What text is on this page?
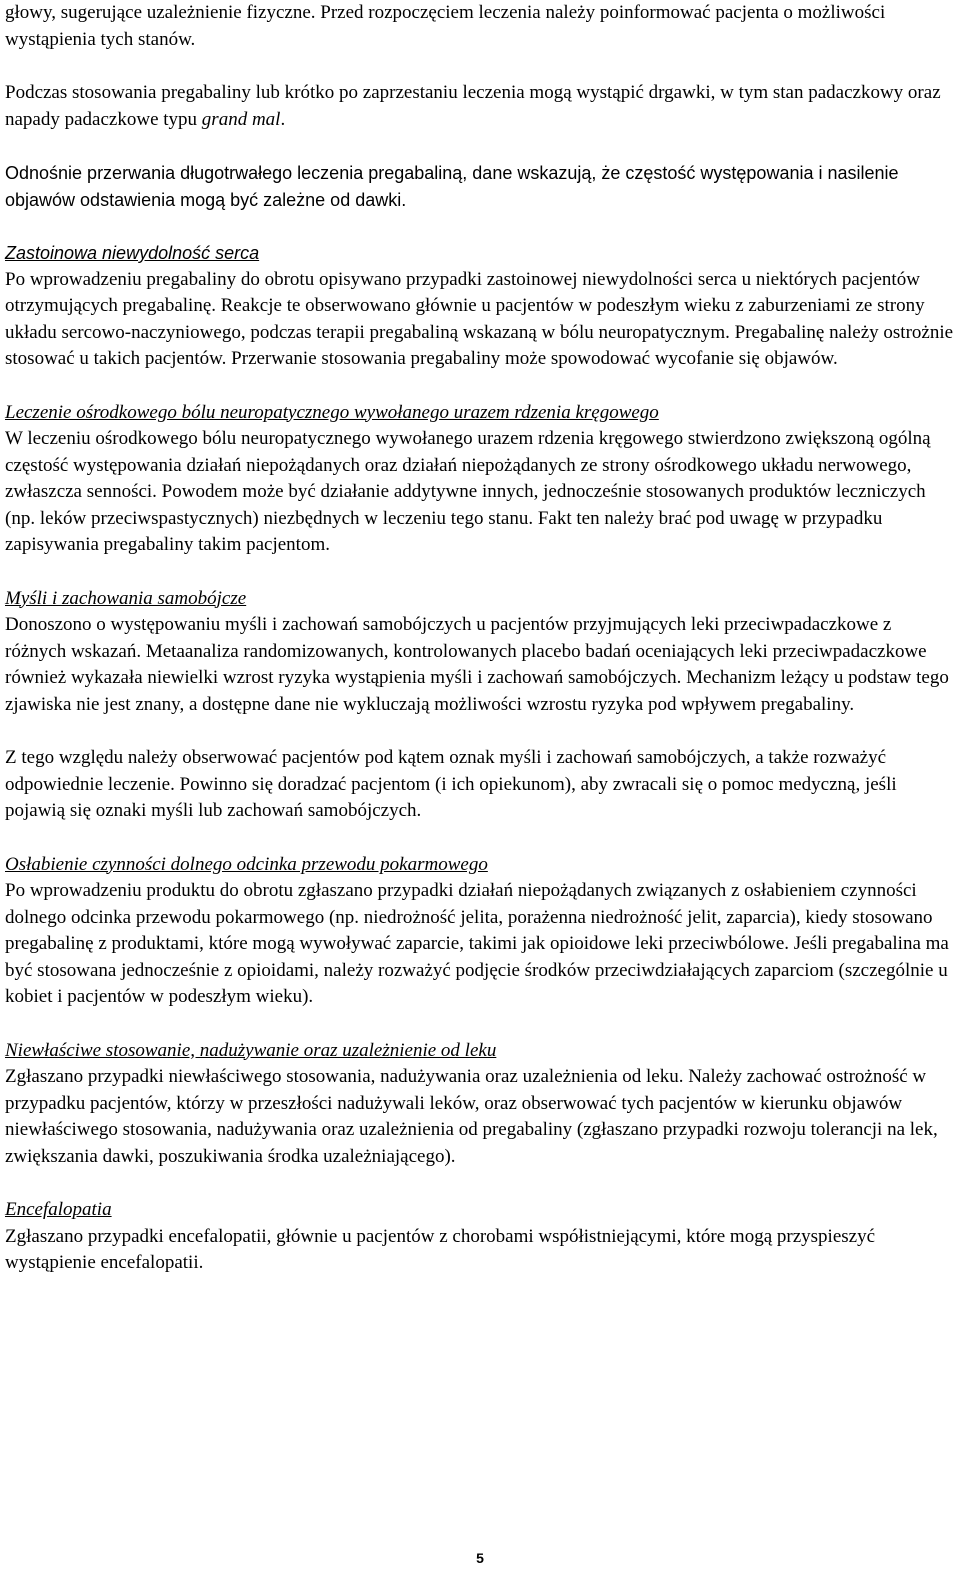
głowy, sugerujące uzależnienie fizyczne. Przed rozpoczęciem leczenia należy poinformować pacjenta o możliwości wystąpienia tych stanów.

Podczas stosowania pregabaliny lub krótko po zaprzestaniu leczenia mogą wystąpić drgawki, w tym stan padaczkowy oraz napady padaczkowe typu grand mal.

Odnośnie przerwania długotrwałego leczenia pregabaliną, dane wskazują, że częstość występowania i nasilenie objawów odstawienia mogą być zależne od dawki.

Zastoinowa niewydolność serca

Po wprowadzeniu pregabaliny do obrotu opisywano przypadki zastoinowej niewydolności serca u niektórych pacjentów otrzymujących pregabalinę. Reakcje te obserwowano głównie u pacjentów w podeszłym wieku z zaburzeniami ze strony układu sercowo-naczyniowego, podczas terapii pregabaliną wskazaną w bólu neuropatycznym. Pregabalinę należy ostrożnie stosować u takich pacjentów. Przerwanie stosowania pregabaliny może spowodować wycofanie się objawów.

Leczenie ośrodkowego bólu neuropatycznego wywołanego urazem rdzenia kręgowego

W leczeniu ośrodkowego bólu neuropatycznego wywołanego urazem rdzenia kręgowego stwierdzono zwiększoną ogólną częstość występowania działań niepożądanych oraz działań niepożądanych ze strony ośrodkowego układu nerwowego, zwłaszcza senności. Powodem może być działanie addytywne innych, jednocześnie stosowanych produktów leczniczych (np. leków przeciwspastycznych) niezbędnych w leczeniu tego stanu. Fakt ten należy brać pod uwagę w przypadku zapisywania pregabaliny takim pacjentom.

Myśli i zachowania samobójcze

Donoszono o występowaniu myśli i zachowań samobójczych u pacjentów przyjmujących leki przeciwpadaczkowe z różnych wskazań. Metaanaliza randomizowanych, kontrolowanych placebo badań oceniających leki przeciwpadaczkowe również wykazała niewielki wzrost ryzyka wystąpienia myśli i zachowań samobójczych. Mechanizm leżący u podstaw tego zjawiska nie jest znany, a dostępne dane nie wykluczają możliwości wzrostu ryzyka pod wpływem pregabaliny.

Z tego względu należy obserwować pacjentów pod kątem oznak myśli i zachowań samobójczych, a także rozważyć odpowiednie leczenie. Powinno się doradzać pacjentom (i ich opiekunom), aby zwracali się o pomoc medyczną, jeśli pojawią się oznaki myśli lub zachowań samobójczych.

Osłabienie czynności dolnego odcinka przewodu pokarmowego

Po wprowadzeniu produktu do obrotu zgłaszano przypadki działań niepożądanych związanych z osłabieniem czynności dolnego odcinka przewodu pokarmowego (np. niedrożność jelita, porażenna niedrożność jelit, zaparcia), kiedy stosowano pregabalinę z produktami, które mogą wywoływać zaparcie, takimi jak opioidowe leki przeciwbólowe. Jeśli pregabalina ma być stosowana jednocześnie z opioidami, należy rozważyć podjęcie środków przeciwdziałających zaparciom (szczególnie u kobiet i pacjentów w podeszłym wieku).

Niewłaściwe stosowanie, nadużywanie oraz uzależnienie od leku

Zgłaszano przypadki niewłaściwego stosowania, nadużywania oraz uzależnienia od leku. Należy zachować ostrożność w przypadku pacjentów, którzy w przeszłości nadużywali leków, oraz obserwować tych pacjentów w kierunku objawów niewłaściwego stosowania, nadużywania oraz uzależnienia od pregabaliny (zgłaszano przypadki rozwoju tolerancji na lek, zwiększania dawki, poszukiwania środka uzależniającego).

Encefalopatia

Zgłaszano przypadki encefalopatii, głównie u pacjentów z chorobami współistniejącymi, które mogą przyspieszyć wystąpienie encefalopatii.

5
